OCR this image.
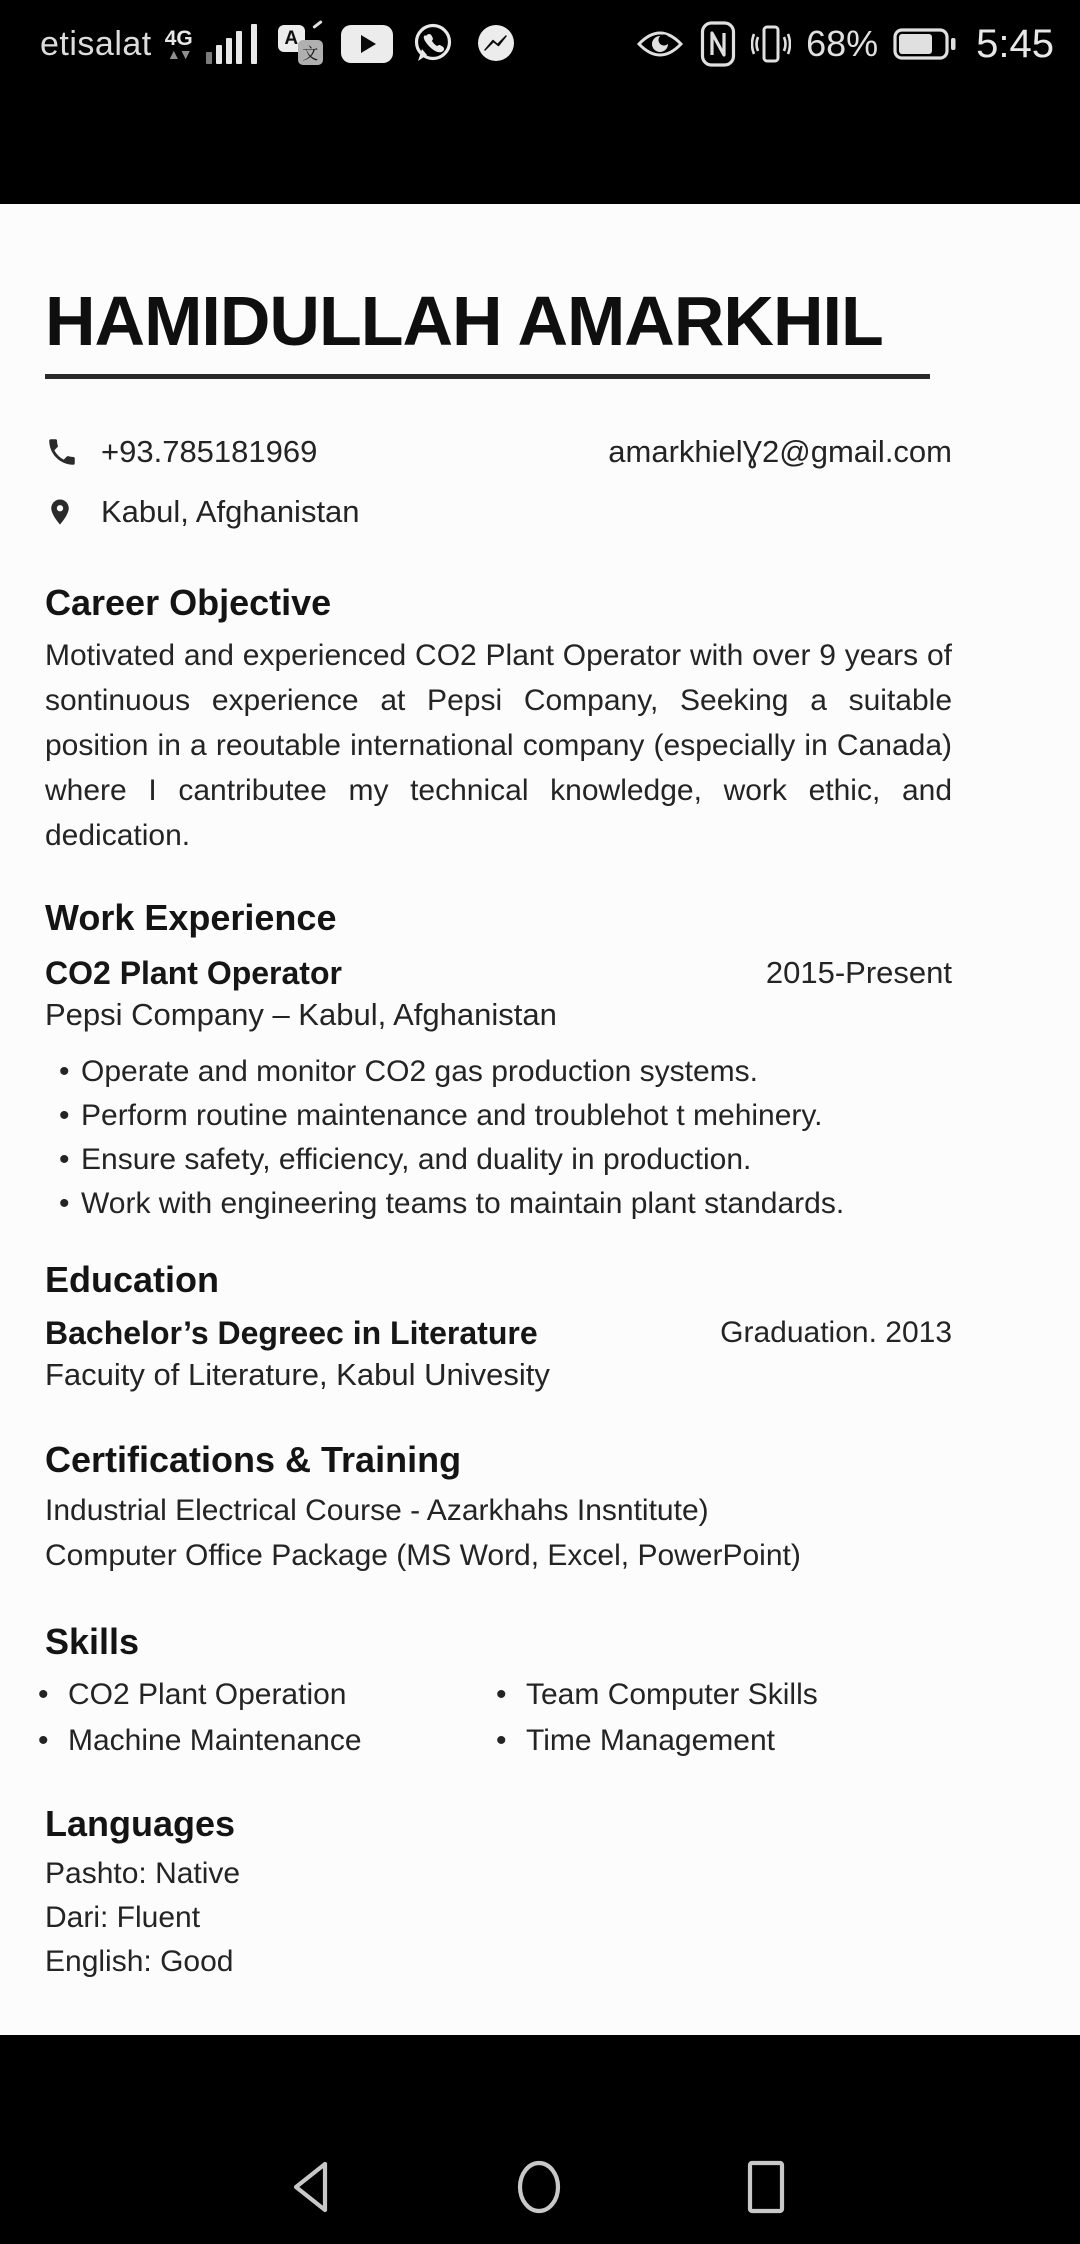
etisalat 4G
▲▼
A
文	68% 5:45
HAMIDULLAH AMARKHIL
+93.785181969	amarkhielƔ2@gmail.com
Kabul, Afghanistan
Career Objective

Motivated and experienced CO2 Plant Operator with over 9 years of sontinuous experience at Pepsi Company, Seeking a suitable position in a reoutable international company (especially in Canada) where I cantributee my technical knowledge, work ethic, and dedication.

Work Experience
CO2 Plant Operator	2015-Present
Pepsi Company – Kabul, Afghanistan
•
Operate and monitor CO2 gas production systems.
•
Perform routine maintenance and troublehot t mehinery.
•
Ensure safety, efficiency, and duality in production.
•
Work with engineering teams to maintain plant standards.
Education
Bachelor’s Degreec in Literature	Graduation. 2013
Facuity of Literature, Kabul Univesity
Certifications & Training
Industrial Electrical Course - Azarkhahs Insntitute)
Computer Office Package (MS Word, Excel, PowerPoint)
Skills
•
CO2 Plant Operation •	Team Computer Skills
•
Machine Maintenance •	Time Management
Languages
Pashto: Native
Dari: Fluent
English: Good
